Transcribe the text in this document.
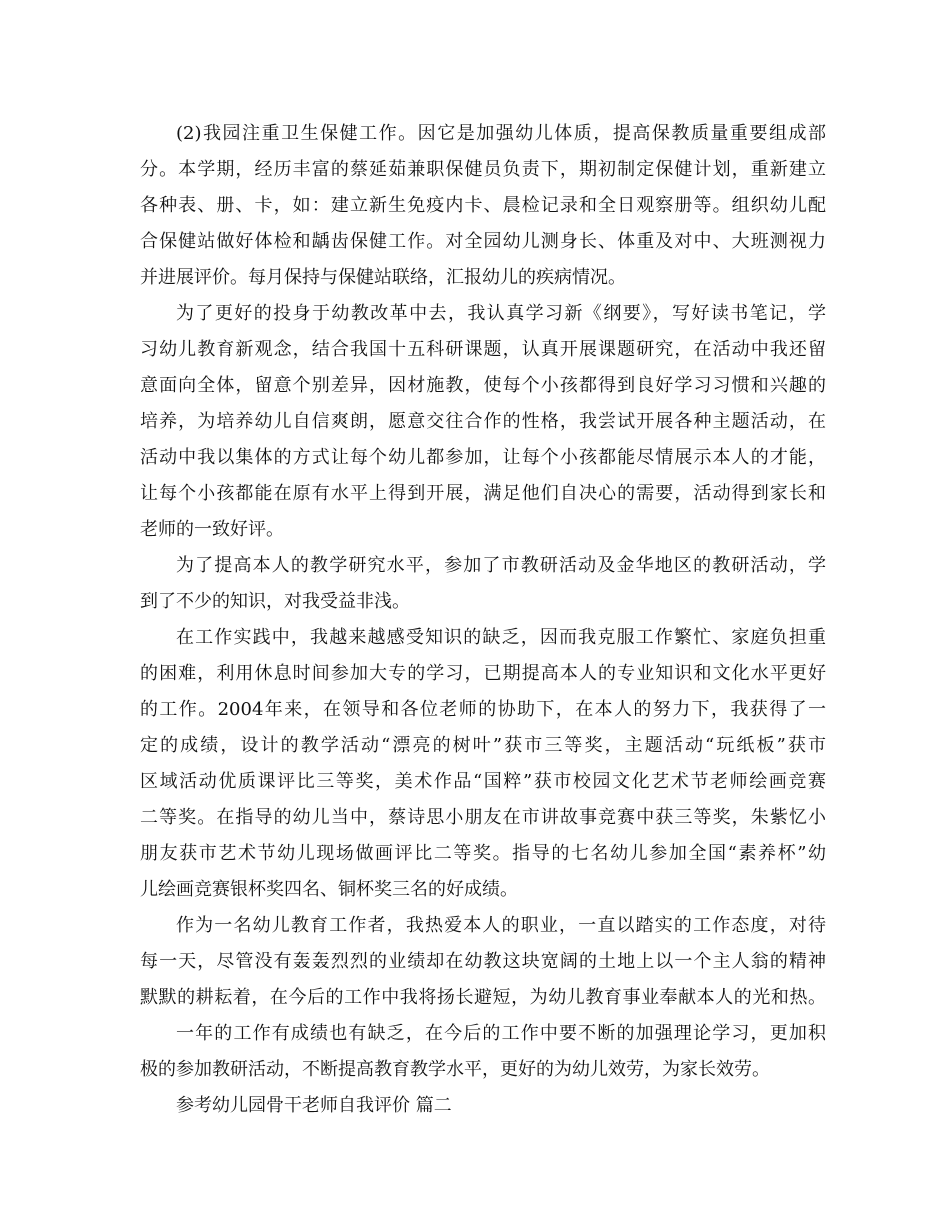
(2)我园注重卫生保健工作。因它是加强幼儿体质，提高保教质量重要组成部
分。本学期，经历丰富的蔡延茹兼职保健员负责下，期初制定保健计划，重新建立
各种表、册、卡，如：建立新生免疫内卡、晨检记录和全日观察册等。组织幼儿配
合保健站做好体检和龋齿保健工作。对全园幼儿测身长、体重及对中、大班测视力
并进展评价。每月保持与保健站联络，汇报幼儿的疾病情况。
为了更好的投身于幼教改革中去，我认真学习新《纲要》，写好读书笔记，学
习幼儿教育新观念，结合我国十五科研课题，认真开展课题研究，在活动中我还留
意面向全体，留意个别差异，因材施教，使每个小孩都得到良好学习习惯和兴趣的
培养，为培养幼儿自信爽朗，愿意交往合作的性格，我尝试开展各种主题活动，在
活动中我以集体的方式让每个幼儿都参加，让每个小孩都能尽情展示本人的才能，
让每个小孩都能在原有水平上得到开展，满足他们自决心的需要，活动得到家长和
老师的一致好评。
为了提高本人的教学研究水平，参加了市教研活动及金华地区的教研活动，学
到了不少的知识，对我受益非浅。
在工作实践中，我越来越感受知识的缺乏，因而我克服工作繁忙、家庭负担重
的困难，利用休息时间参加大专的学习，已期提高本人的专业知识和文化水平更好
的工作。2004年来，在领导和各位老师的协助下，在本人的努力下，我获得了一
定的成绩，设计的教学活动“漂亮的树叶”获市三等奖，主题活动“玩纸板”获市
区域活动优质课评比三等奖，美术作品“国粹”获市校园文化艺术节老师绘画竞赛
二等奖。在指导的幼儿当中，蔡诗思小朋友在市讲故事竞赛中获三等奖，朱紫忆小
朋友获市艺术节幼儿现场做画评比二等奖。指导的七名幼儿参加全国“素养杯”幼
儿绘画竞赛银杯奖四名、铜杯奖三名的好成绩。
作为一名幼儿教育工作者，我热爱本人的职业，一直以踏实的工作态度，对待
每一天，尽管没有轰轰烈烈的业绩却在幼教这块宽阔的土地上以一个主人翁的精神
默默的耕耘着，在今后的工作中我将扬长避短，为幼儿教育事业奉献本人的光和热。
一年的工作有成绩也有缺乏，在今后的工作中要不断的加强理论学习，更加积
极的参加教研活动，不断提高教育教学水平，更好的为幼儿效劳，为家长效劳。
参考幼儿园骨干老师自我评价 篇二
